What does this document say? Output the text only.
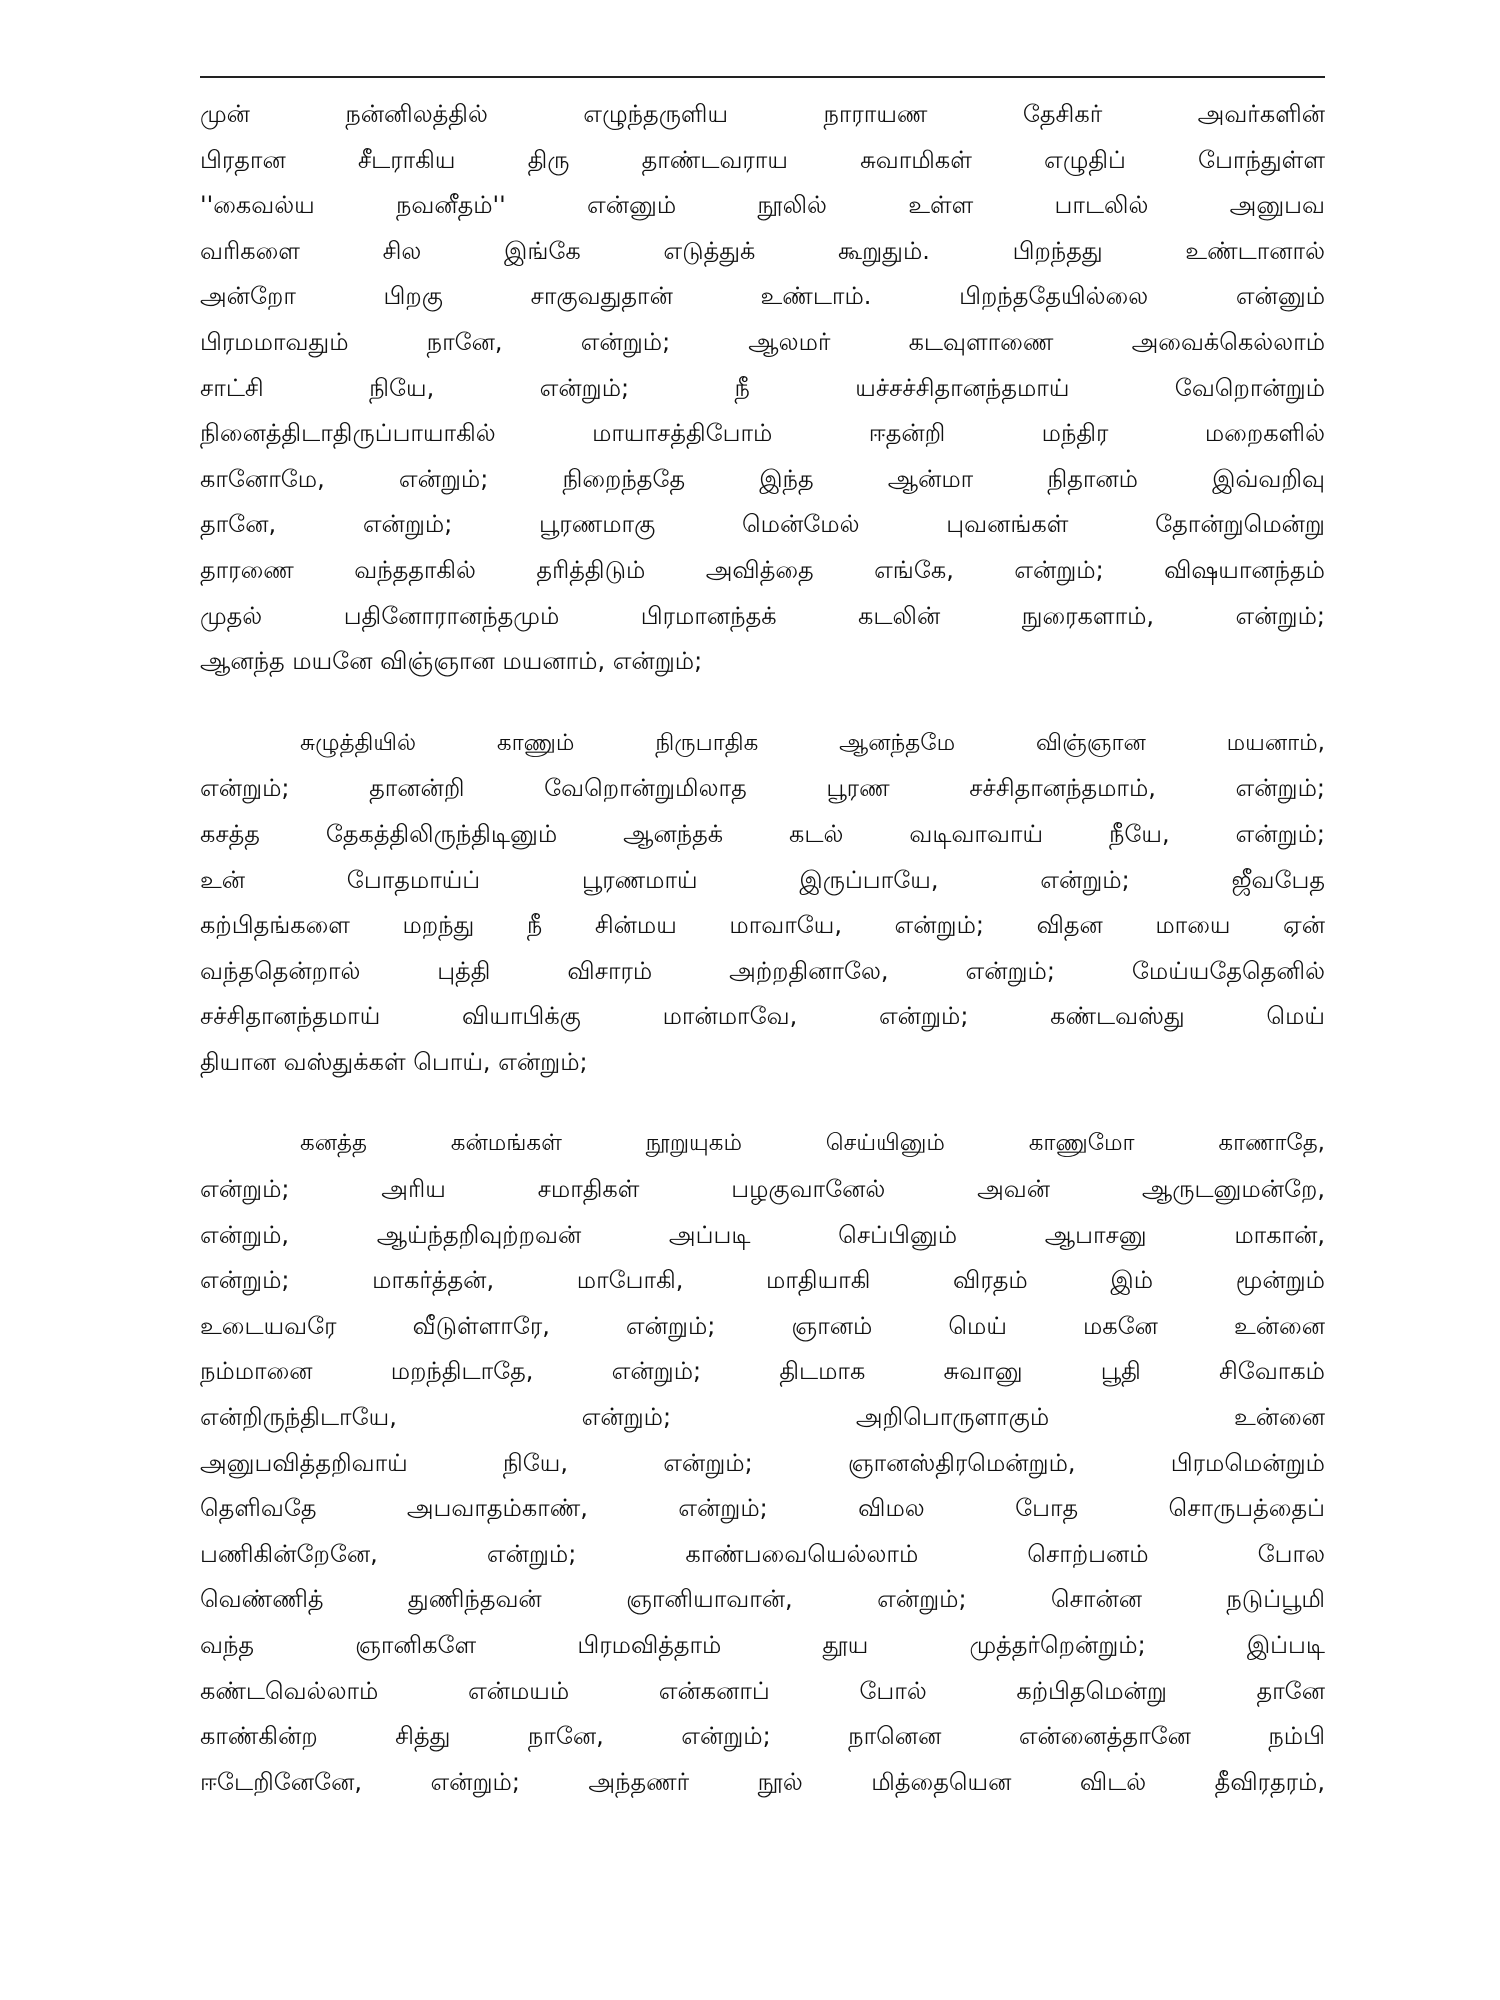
முன் நன்னிலத்தில் எழுந்தருளிய நாராயண தேசிகர் அவர்களின்
பிரதான சீடராகிய திரு தாண்டவராய சுவாமிகள் எழுதிப் போந்துள்ள
''கைவல்ய நவனீதம்'' என்னும் நூலில் உள்ள பாடலில் அனுபவ
வரிகளை சில இங்கே எடுத்துக் கூறுதும். பிறந்தது உண்டானால்
அன்றோ பிறகு சாகுவதுதான் உண்டாம். பிறந்ததேயில்லை என்னும்
பிரமமாவதும் நானே, என்றும்; ஆலமர் கடவுளாணை அவைக்கெல்லாம்
சாட்சி நியே, என்றும்; நீ யச்சச்சிதானந்தமாய் வேறொன்றும்
நினைத்திடாதிருப்பாயாகில் மாயாசத்திபோம் ஈதன்றி மந்திர மறைகளில்
கானோமே, என்றும்; நிறைந்ததே இந்த ஆன்மா நிதானம் இவ்வறிவு
தானே, என்றும்; பூரணமாகு மென்மேல் புவனங்கள் தோன்றுமென்று
தாரணை வந்ததாகில் தரித்திடும் அவித்தை எங்கே, என்றும்; விஷயானந்தம்
முதல் பதினோரானந்தமும் பிரமானந்தக் கடலின் நுரைகளாம், என்றும்;
ஆனந்த மயனே விஞ்ஞான மயனாம், என்றும்;
சுழுத்தியில் காணும் நிருபாதிக ஆனந்தமே விஞ்ஞான மயனாம்,
என்றும்; தானன்றி வேறொன்றுமிலாத பூரண சச்சிதானந்தமாம், என்றும்;
கசத்த தேகத்திலிருந்திடினும் ஆனந்தக் கடல் வடிவாவாய் நீயே, என்றும்;
உன் போதமாய்ப் பூரணமாய் இருப்பாயே, என்றும்; ஜீவபேத
கற்பிதங்களை மறந்து நீ சின்மய மாவாயே, என்றும்; விதன மாயை ஏன்
வந்ததென்றால் புத்தி விசாரம் அற்றதினாலே, என்றும்; மேய்யதேதெனில்
சச்சிதானந்தமாய் வியாபிக்கு மான்மாவே, என்றும்; கண்டவஸ்து மெய்
தியான வஸ்துக்கள் பொய், என்றும்;
கனத்த கன்மங்கள் நூறுயுகம் செய்யினும் காணுமோ காணாதே,
என்றும்; அரிய சமாதிகள் பழகுவானேல் அவன் ஆருடனுமன்றே,
என்றும், ஆய்ந்தறிவுற்றவன் அப்படி செப்பினும் ஆபாசனு மாகான்,
என்றும்; மாகர்த்தன், மாபோகி, மாதியாகி விரதம் இம் மூன்றும்
உடையவரே வீடுள்ளாரே, என்றும்; ஞானம் மெய் மகனே உன்னை
நம்மானை மறந்திடாதே, என்றும்; திடமாக சுவானு பூதி சிவோகம்
என்றிருந்திடாயே, என்றும்; அறிபொருளாகும் உன்னை
அனுபவித்தறிவாய் நியே, என்றும்; ஞானஸ்திரமென்றும், பிரமமென்றும்
தெளிவதே அபவாதம்காண், என்றும்; விமல போத சொருபத்தைப்
பணிகின்றேனே, என்றும்; காண்பவையெல்லாம் சொற்பனம் போல
வெண்ணித் துணிந்தவன் ஞானியாவான், என்றும்; சொன்ன நடுப்பூமி
வந்த ஞானிகளே பிரமவித்தாம் தூய முத்தர்றென்றும்; இப்படி
கண்டவெல்லாம் என்மயம் என்கனாப் போல் கற்பிதமென்று தானே
காண்கின்ற சித்து நானே, என்றும்; நானென என்னைத்தானே நம்பி
ஈடேறினேனே, என்றும்; அந்தணர் நூல் மித்தையென விடல் தீவிரதரம்,
